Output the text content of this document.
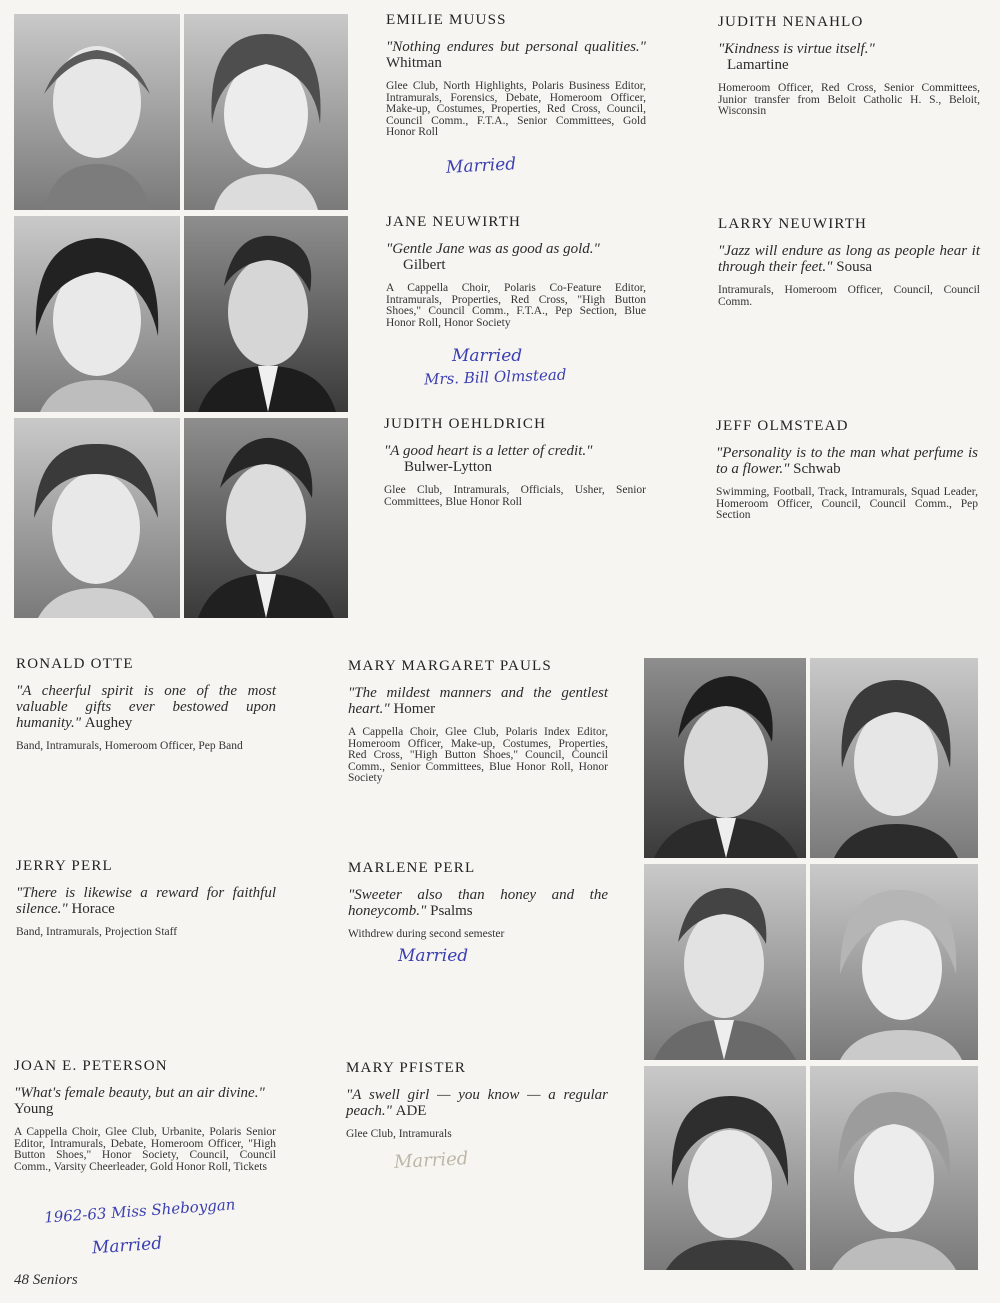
EMILIE MUUSS
"Nothing endures but personal qualities." Whitman
Glee Club, North Highlights, Polaris Business Editor, Intramurals, Forensics, Debate, Homeroom Officer, Make-up, Costumes, Properties, Red Cross, Council, Council Comm., F.T.A., Senior Committees, Gold Honor Roll
Married
JUDITH NENAHLO
"Kindness is virtue itself."
Lamartine
Homeroom Officer, Red Cross, Senior Committees, Junior transfer from Beloit Catholic H. S., Beloit, Wisconsin
JANE NEUWIRTH
"Gentle Jane was as good as gold."
Gilbert
A Cappella Choir, Polaris Co-Feature Editor, Intramurals, Properties, Red Cross, "High Button Shoes," Council Comm., F.T.A., Pep Section, Blue Honor Roll, Honor Society
Married
Mrs. Bill Olmstead
LARRY NEUWIRTH
"Jazz will endure as long as people hear it through their feet." Sousa
Intramurals, Homeroom Officer, Council, Council Comm.
JUDITH OEHLDRICH
"A good heart is a letter of credit."
Bulwer-Lytton
Glee Club, Intramurals, Officials, Usher, Senior Committees, Blue Honor Roll
JEFF OLMSTEAD
"Personality is to the man what perfume is to a flower." Schwab
Swimming, Football, Track, Intramurals, Squad Leader, Homeroom Officer, Council, Council Comm., Pep Section
RONALD OTTE
"A cheerful spirit is one of the most valuable gifts ever bestowed upon humanity." Aughey
Band, Intramurals, Homeroom Officer, Pep Band
MARY MARGARET PAULS
"The mildest manners and the gentlest heart." Homer
A Cappella Choir, Glee Club, Polaris Index Editor, Homeroom Officer, Make-up, Costumes, Properties, Red Cross, "High Button Shoes," Council, Council Comm., Senior Committees, Blue Honor Roll, Honor Society
JERRY PERL
"There is likewise a reward for faithful silence." Horace
Band, Intramurals, Projection Staff
MARLENE PERL
"Sweeter also than honey and the honeycomb." Psalms
Withdrew during second semester
Married
JOAN E. PETERSON
"What's female beauty, but an air divine." Young
A Cappella Choir, Glee Club, Urbanite, Polaris Senior Editor, Intramurals, Debate, Homeroom Officer, "High Button Shoes," Honor Society, Council, Council Comm., Varsity Cheerleader, Gold Honor Roll, Tickets
1962-63 Miss Sheboygan
Married
MARY PFISTER
"A swell girl — you know — a regular peach." ADE
Glee Club, Intramurals
Married
48 Seniors
